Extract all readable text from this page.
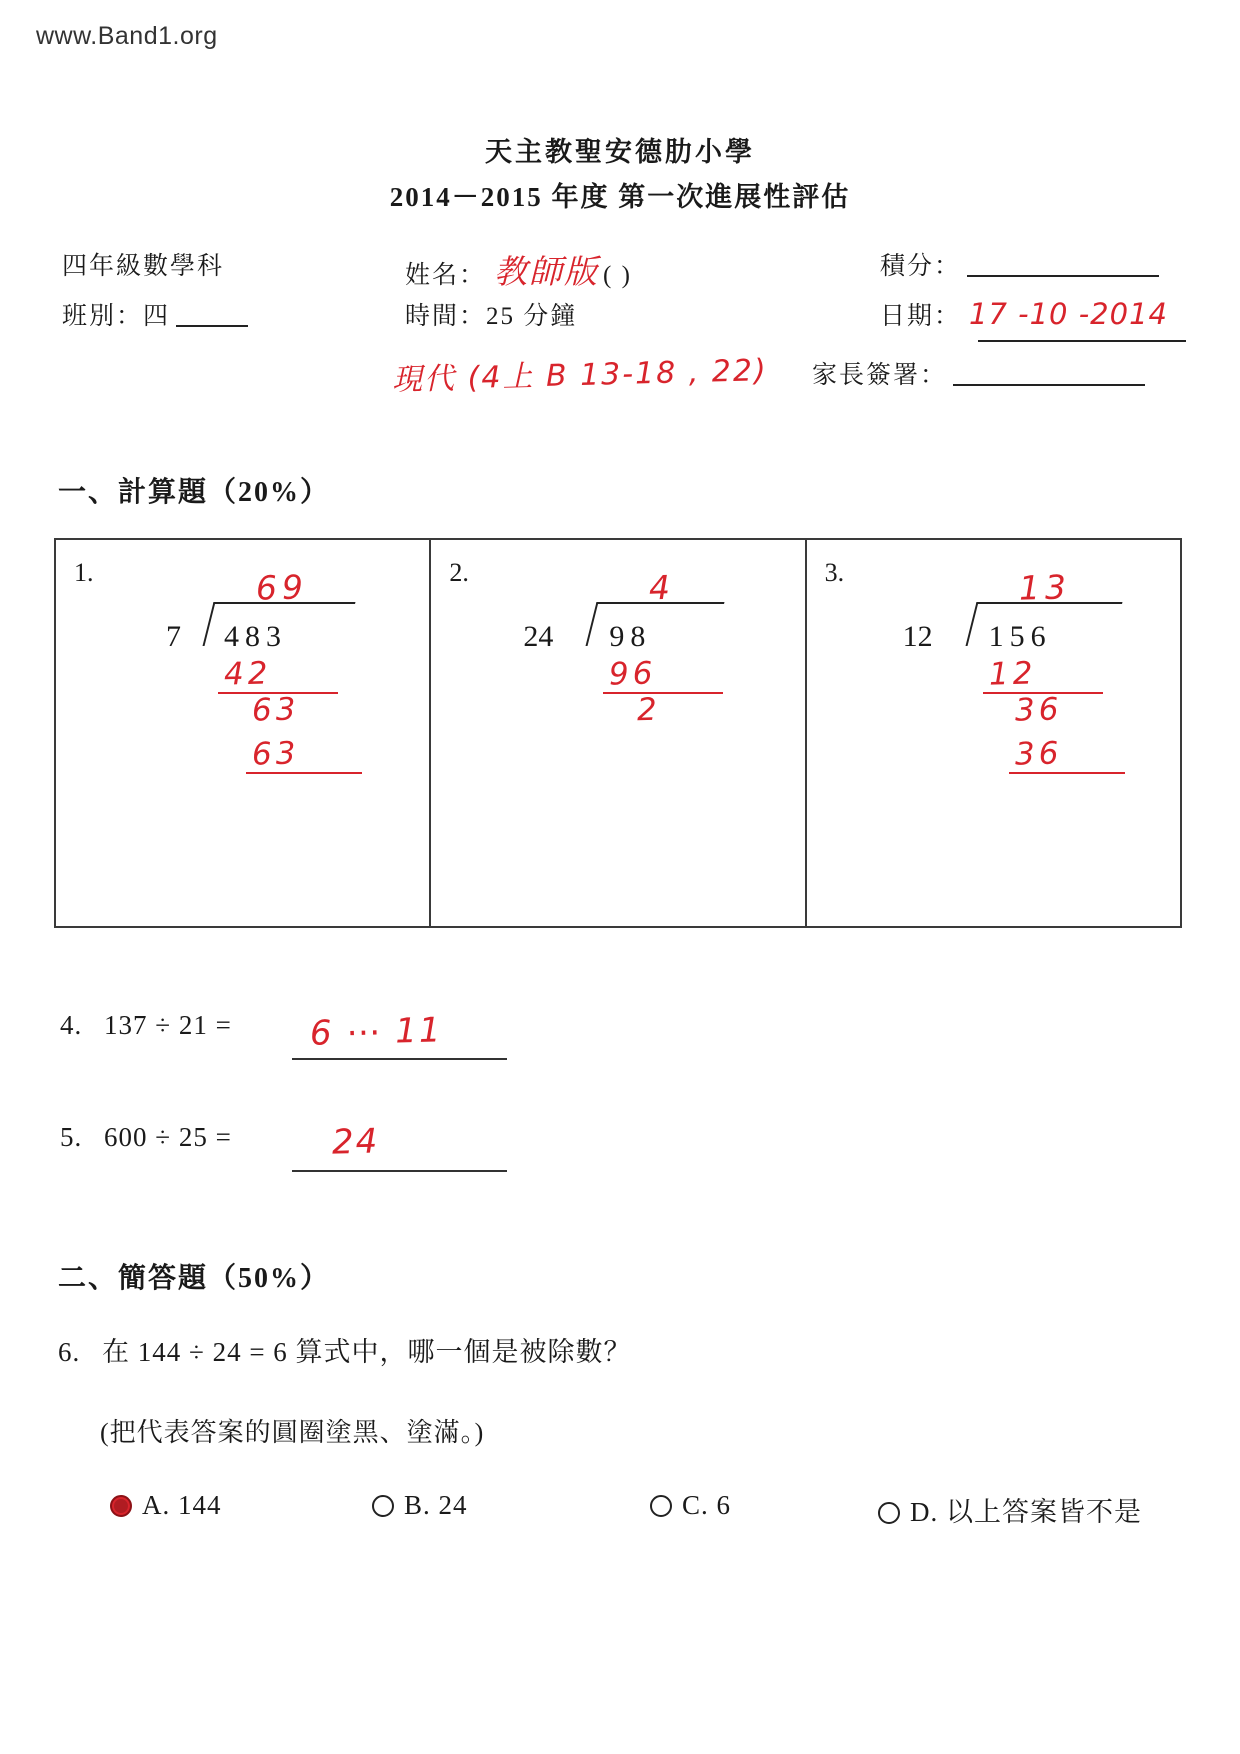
www.Band1.org
天主教聖安德肋小學
2014－2015 年度 第一次進展性評估
四年級數學科
班別：四
姓名： 教師版 ( )
時間：25 分鐘
積分：
日期： 17 -10 -2014
現代 (4上 B 13-18 , 22) 家長簽署：
一、計算題（20%）
1.
7 483
69
42
63
63
2.
24 98
4
96
2
3.
12 156
13
12
36
36
4. 137 ÷ 21 = 6 ⋯ 11
5. 600 ÷ 25 =	24
二、簡答題（50%）
6. 在 144 ÷ 24 = 6 算式中，哪一個是被除數？
(把代表答案的圓圈塗黑、塗滿。)
A. 144	B. 24	C. 6	D. 以上答案皆不是
